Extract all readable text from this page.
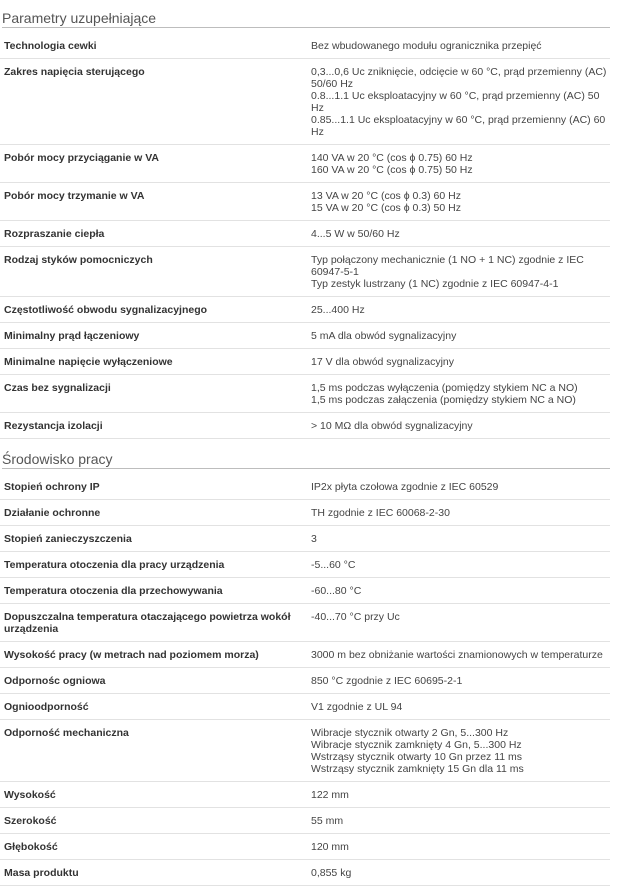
Parametry uzupełniające
Technologia cewki	Bez wbudowanego modułu ogranicznika przepięć

Zakres napięcia sterującego	0,3...0,6 Uc zniknięcie, odcięcie w 60 °C, prąd przemienny (AC) 50/60 Hz
0.8...1.1 Uc eksploatacyjny w 60 °C, prąd przemienny (AC) 50 Hz
0.85...1.1 Uc eksploatacyjny w 60 °C, prąd przemienny (AC) 60 Hz

Pobór mocy przyciąganie w VA	140 VA w 20 °C (cos ϕ 0.75) 60 Hz
160 VA w 20 °C (cos ϕ 0.75) 50 Hz

Pobór mocy trzymanie w VA	13 VA w 20 °C (cos ϕ 0.3) 60 Hz
15 VA w 20 °C (cos ϕ 0.3) 50 Hz

Rozpraszanie ciepła	4...5 W w 50/60 Hz

Rodzaj styków pomocniczych	Typ połączony mechanicznie (1 NO + 1 NC) zgodnie z IEC 60947-5-1
Typ zestyk lustrzany (1 NC) zgodnie z IEC 60947-4-1

Częstotliwość obwodu sygnalizacyjnego	25...400 Hz

Minimalny prąd łączeniowy	5 mA dla obwód sygnalizacyjny

Minimalne napięcie wyłączeniowe	17 V dla obwód sygnalizacyjny

Czas bez sygnalizacji	1,5 ms podczas wyłączenia (pomiędzy stykiem NC a NO)
1,5 ms podczas załączenia (pomiędzy stykiem NC a NO)

Rezystancja izolacji	> 10 MΩ dla obwód sygnalizacyjny
Środowisko pracy
Stopień ochrony IP	IP2x płyta czołowa zgodnie z IEC 60529

Działanie ochronne	TH zgodnie z IEC 60068-2-30

Stopień zanieczyszczenia	3

Temperatura otoczenia dla pracy urządzenia	-5...60 °C

Temperatura otoczenia dla przechowywania	-60...80 °C

Dopuszczalna temperatura otaczającego powietrza wokół urządzenia	-40...70 °C przy Uc

Wysokość pracy (w metrach nad poziomem morza)	3000 m bez obniżanie wartości znamionowych w temperaturze

Odpornośc ogniowa	850 °C zgodnie z IEC 60695-2-1

Ognioodporność	V1 zgodnie z UL 94

Odporność mechaniczna	Wibracje stycznik otwarty 2 Gn, 5...300 Hz
Wibracje stycznik zamknięty 4 Gn, 5...300 Hz
Wstrząsy stycznik otwarty 10 Gn przez 11 ms
Wstrząsy stycznik zamknięty 15 Gn dla 11 ms

Wysokość	122 mm

Szerokość	55 mm

Głębokość	120 mm

Masa produktu	0,855 kg
